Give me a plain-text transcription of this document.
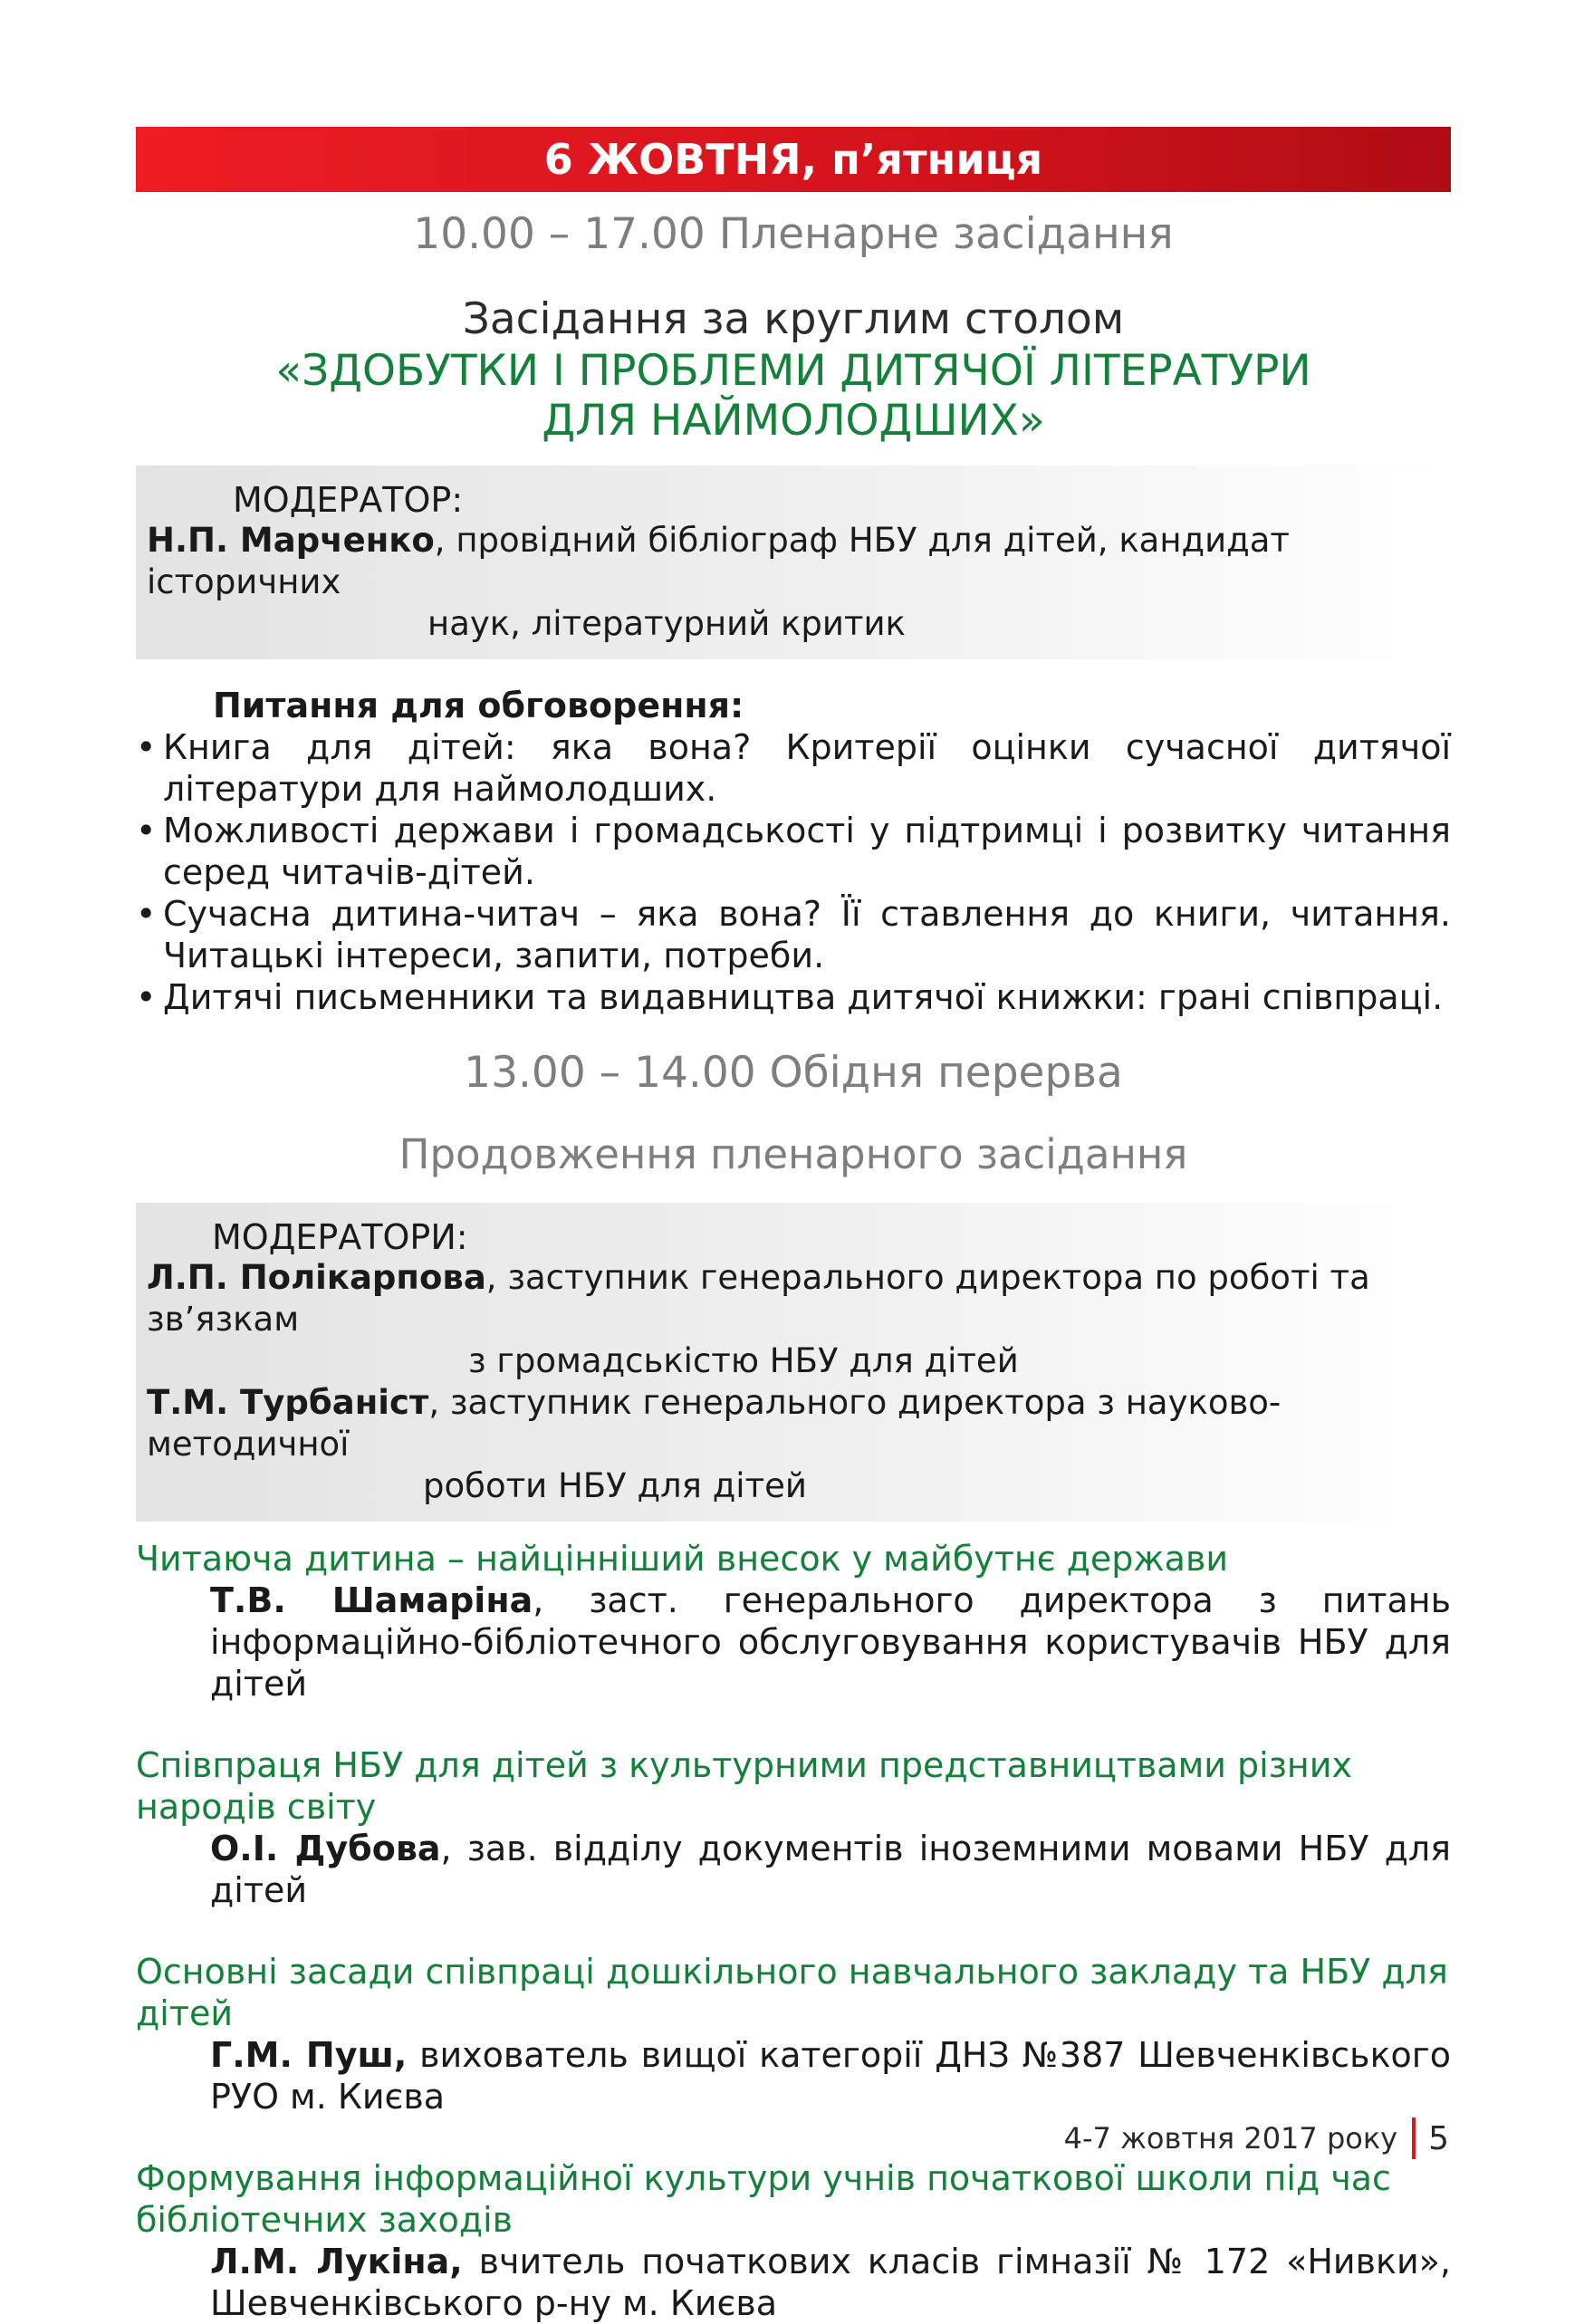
6 ЖОВТНЯ, п’ятниця
10.00 – 17.00 Пленарне засідання
Засідання за круглим столом
«ЗДОБУТКИ І ПРОБЛЕМИ ДИТЯЧОЇ ЛІТЕРАТУРИ
ДЛЯ НАЙМОЛОДШИХ»
МОДЕРАТОР:
Н.П. Марченко, провідний бібліограф НБУ для дітей, кандидат історичних
наук, літературний критик
Питання для обговорення:
• Книга для дітей: яка вона? Критерії оцінки сучасної дитячої літератури для наймолодших.
• Можливості держави і громадськості у підтримці і розвитку читання серед читачів-дітей.
• Сучасна дитина-читач – яка вона? Її ставлення до книги, читання. Читацькі інтереси, запити, потреби.
• Дитячі письменники та видавництва дитячої книжки: грані співпраці.
13.00 – 14.00 Обідня перерва
Продовження пленарного засідання
МОДЕРАТОРИ:
Л.П. Полікарпова, заступник генерального директора по роботі та зв’язкам
з громадськістю НБУ для дітей
Т.М. Турбаніст, заступник генерального директора з науково-методичної
роботи НБУ для дітей
Читаюча дитина – найцінніший внесок у майбутнє держави
Т.В. Шамаріна, заст. генерального директора з питань інформаційно-бібліотечного обслуговування користувачів НБУ для дітей
Співпраця НБУ для дітей з культурними представництвами різних народів світу
О.І. Дубова, зав. відділу документів іноземними мовами НБУ для дітей
Основні засади співпраці дошкільного навчального закладу та НБУ для дітей
Г.М. Пуш, вихователь вищої категорії ДНЗ №387 Шевченківського РУО м. Києва
Формування інформаційної культури учнів початкової школи під час бібліотечних заходів
Л.М. Лукіна, вчитель початкових класів гімназії № 172 «Нивки», Шевченківського р-ну м. Києва
4-7 жовтня 2017 року 5
